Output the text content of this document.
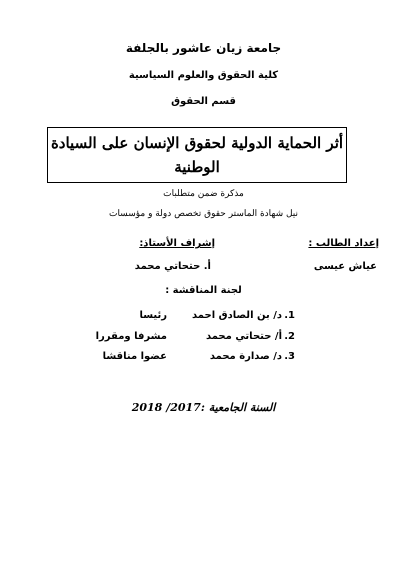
جامعة زيان عاشور بالجلفة
كلية الحقوق والعلوم السياسية
قسم الحقوق
أثر الحماية الدولية لحقوق الإنسان على السيادة
الوطنية
مذكرة ضمن متطلبات
نيل شهادة الماستر حقوق تخصص دولة و مؤسسات
إعداد الطالب :
إشراف الأستاذ:
عياش عيسى
أ. حتحاتي محمد
لجنة المناقشة :
1.
د/ بن الصادق احمد
رئيسا
2.
أ/ حتحاتي محمد
مشرفا ومقررا
3.
د/ صدارة محمد
عضوا مناقشا
السنة الجامعية :2017/ 2018
